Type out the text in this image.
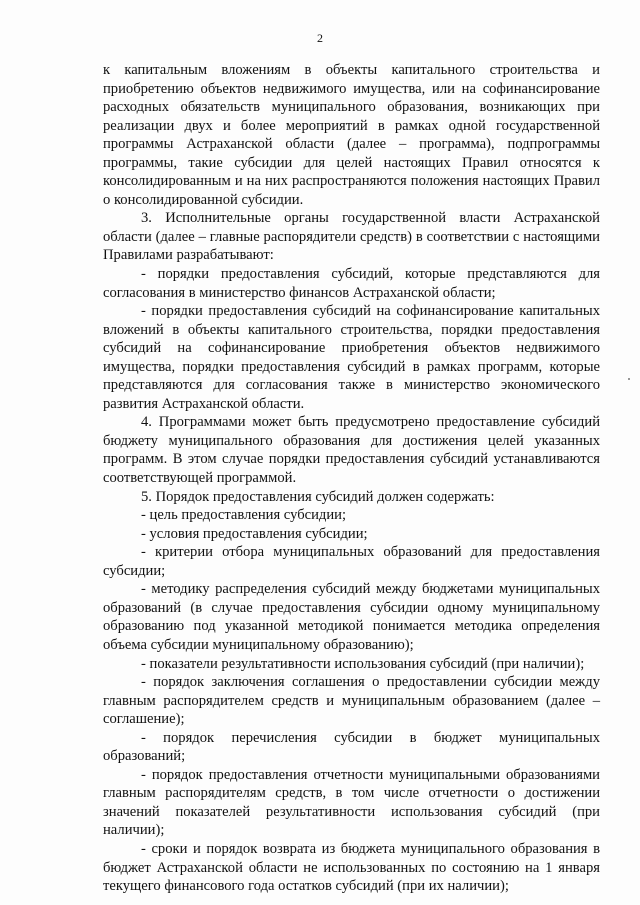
2

к капитальным вложениям в объекты капитального строительства и приобретению объектов недвижимого имущества, или на софинансирование расходных обязательств муниципального образования, возникающих при реализации двух и более мероприятий в рамках одной государственной программы Астраханской области (далее – программа), подпрограммы программы, такие субсидии для целей настоящих Правил относятся к консолидированным и на них распространяются положения настоящих Правил о консолидированной субсидии.

3. Исполнительные органы государственной власти Астраханской области (далее – главные распорядители средств) в соответствии с настоящими Правилами разрабатывают:

- порядки предоставления субсидий, которые представляются для согласования в министерство финансов Астраханской области;

- порядки предоставления субсидий на софинансирование капитальных вложений в объекты капитального строительства, порядки предоставления субсидий на софинансирование приобретения объектов недвижимого имущества, порядки предоставления субсидий в рамках программ, которые представляются для согласования также в министерство экономического развития Астраханской области.

4. Программами может быть предусмотрено предоставление субсидий бюджету муниципального образования для достижения целей указанных программ. В этом случае порядки предоставления субсидий устанавливаются соответствующей программой.

5. Порядок предоставления субсидий должен содержать:

- цель предоставления субсидии;

- условия предоставления субсидии;

- критерии отбора муниципальных образований для предоставления субсидии;

- методику распределения субсидий между бюджетами муниципальных образований (в случае предоставления субсидии одному муниципальному образованию под указанной методикой понимается методика определения объема субсидии муниципальному образованию);

- показатели результативности использования субсидий (при наличии);

- порядок заключения соглашения о предоставлении субсидии между главным распорядителем средств и муниципальным образованием (далее – соглашение);

- порядок перечисления субсидии в бюджет муниципальных образований;

- порядок предоставления отчетности муниципальными образованиями главным распорядителям средств, в том числе отчетности о достижении значений показателей результативности использования субсидий (при наличии);

- сроки и порядок возврата из бюджета муниципального образования в бюджет Астраханской области не использованных по состоянию на 1 января текущего финансового года остатков субсидий (при их наличии);
